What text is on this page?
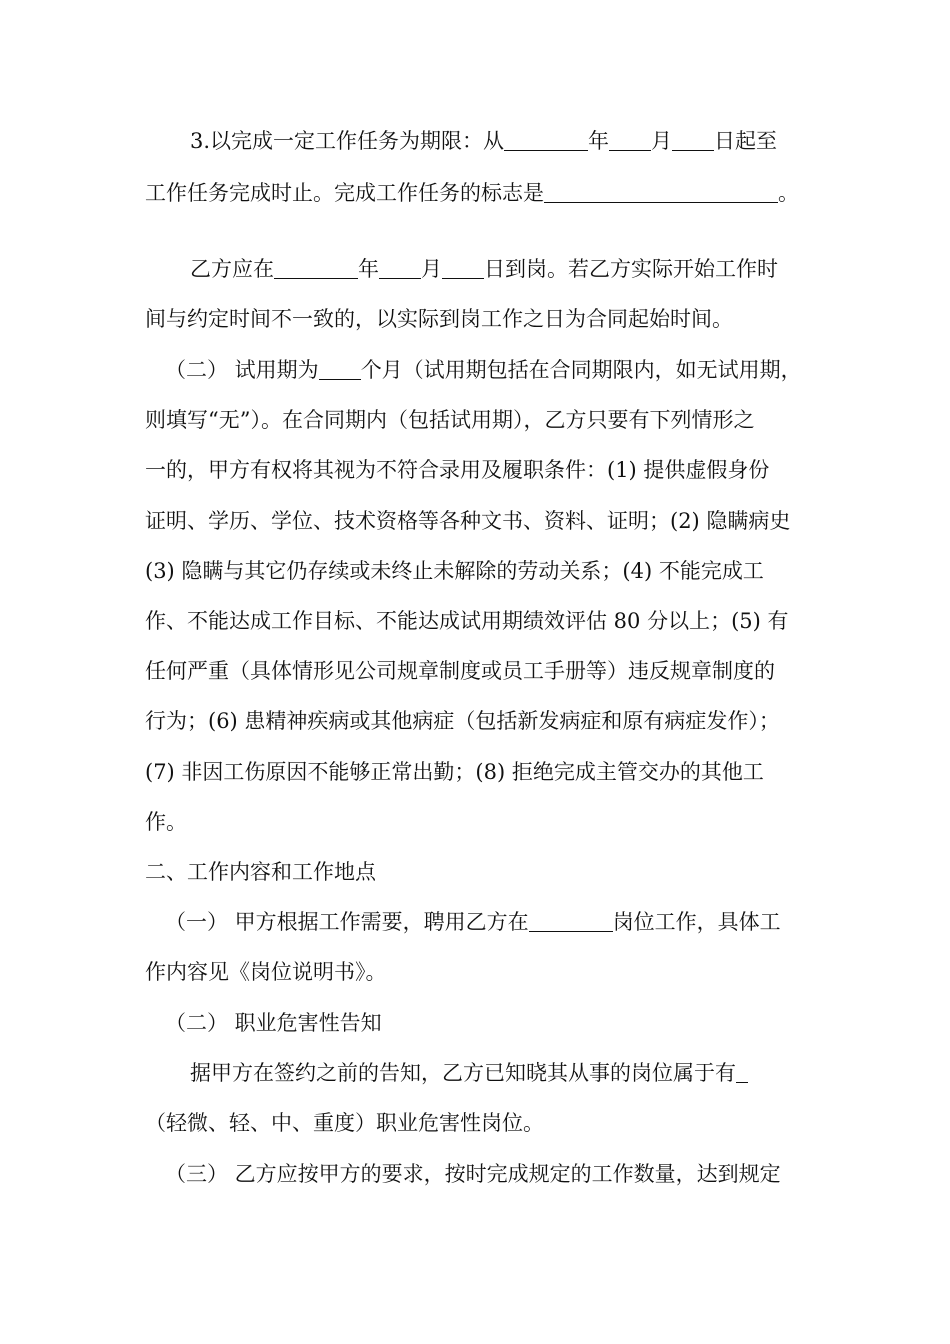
3.以完成一定工作任务为期限：从	年 月 日起至
工作任务完成时止。完成工作任务的标志是	。
乙方应在	年 月 日到岗。若乙方实际开始工作时
间与约定时间不一致的，以实际到岗工作之日为合同起始时间。
（二） 试用期为 个月（试用期包括在合同期限内，如无试用期，
则填写“无”）。在合同期内（包括试用期），乙方只要有下列情形之
一的，甲方有权将其视为不符合录用及履职条件：(1) 提供虚假身份
证明、学历、学位、技术资格等各种文书、资料、证明；(2) 隐瞒病史
(3) 隐瞒与其它仍存续或未终止未解除的劳动关系；(4) 不能完成工
作、不能达成工作目标、不能达成试用期绩效评估 80 分以上；(5) 有
任何严重（具体情形见公司规章制度或员工手册等）违反规章制度的
行为；(6) 患精神疾病或其他病症（包括新发病症和原有病症发作）；
(7) 非因工伤原因不能够正常出勤；(8) 拒绝完成主管交办的其他工
作。
二、工作内容和工作地点
（一） 甲方根据工作需要，聘用乙方在	岗位工作，具体工
作内容见《岗位说明书》。
（二） 职业危害性告知
据甲方在签约之前的告知，乙方已知晓其从事的岗位属于有
（轻微、轻、中、重度）职业危害性岗位。
（三） 乙方应按甲方的要求，按时完成规定的工作数量，达到规定
